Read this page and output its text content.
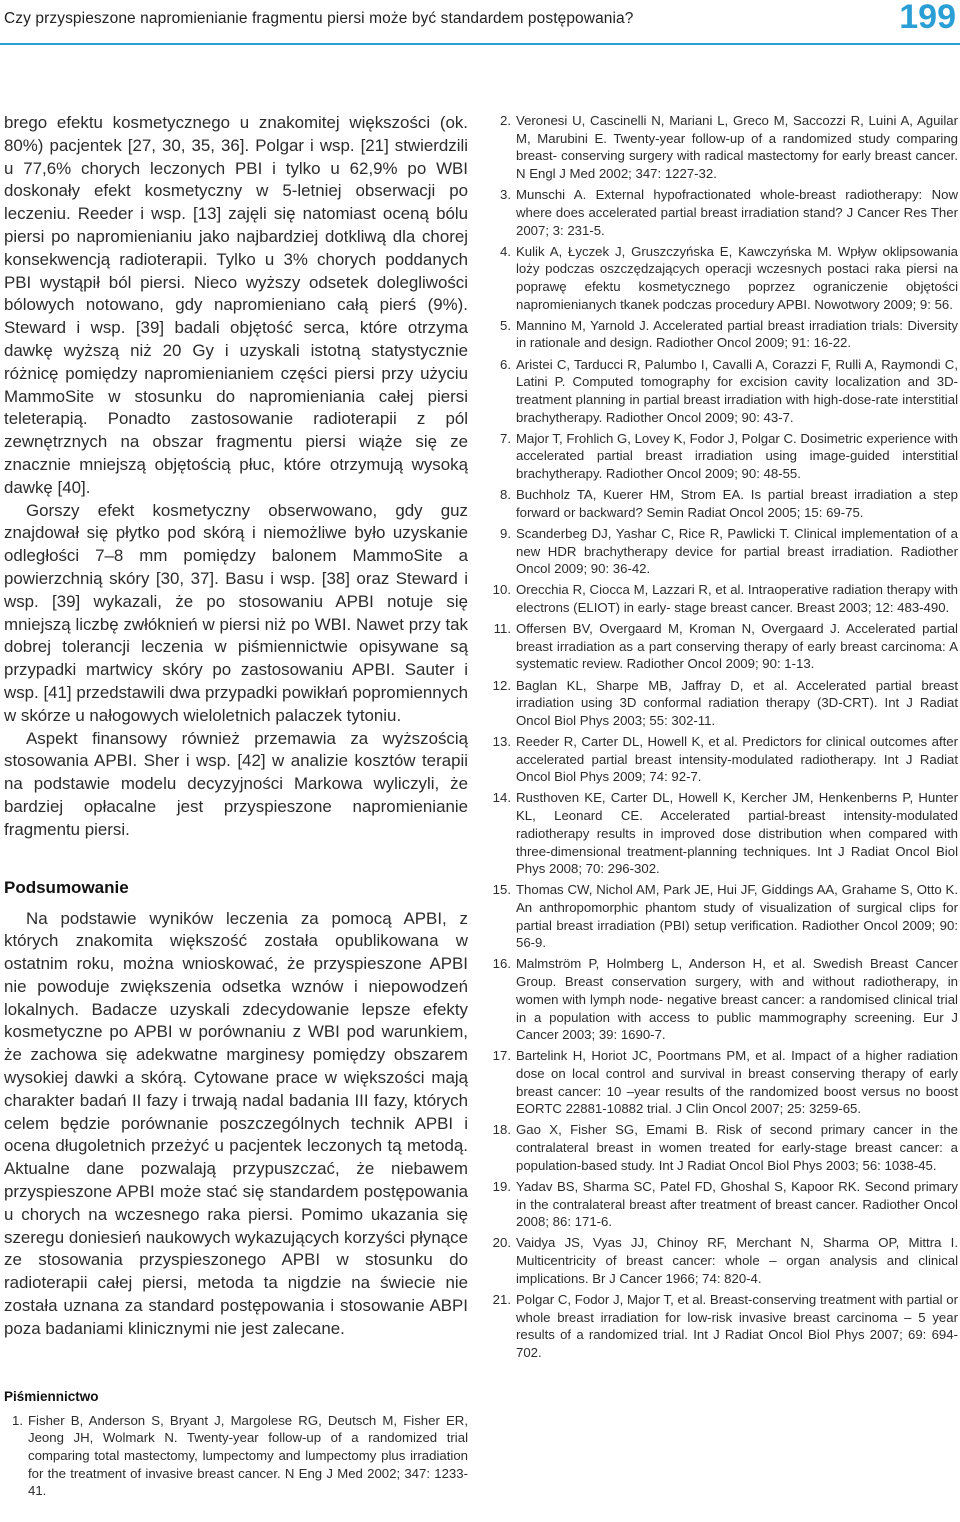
Czy przyspieszone napromienianie fragmentu piersi może być standardem postępowania?	199

brego efektu kosmetycznego u znakomitej większości (ok. 80%) pacjentek [27, 30, 35, 36]. Polgar i wsp. [21] stwierdzili u 77,6% chorych leczonych PBI i tylko u 62,9% po WBI doskonały efekt kosmetyczny w 5-letniej obserwacji po leczeniu. Reeder i wsp. [13] zajęli się natomiast oceną bólu piersi po napromienianiu jako najbardziej dotkliwą dla chorej konsekwencją radioterapii. Tylko u 3% chorych poddanych PBI wystąpił ból piersi. Nieco wyższy odsetek dolegliwości bólowych notowano, gdy napromieniano całą pierś (9%). Steward i wsp. [39] badali objętość serca, które otrzyma dawkę wyższą niż 20 Gy i uzyskali istotną statystycznie różnicę pomiędzy napromienianiem części piersi przy użyciu MammoSite w stosunku do napromieniania całej piersi teleterapią. Ponadto zastosowanie radioterapii z pól zewnętrznych na obszar fragmentu piersi wiąże się ze znacznie mniejszą objętością płuc, które otrzymują wysoką dawkę [40].

Gorszy efekt kosmetyczny obserwowano, gdy guz znajdował się płytko pod skórą i niemożliwe było uzyskanie odległości 7–8 mm pomiędzy balonem MammoSite a powierzchnią skóry [30, 37]. Basu i wsp. [38] oraz Steward i wsp. [39] wykazali, że po stosowaniu APBI notuje się mniejszą liczbę zwłóknień w piersi niż po WBI. Nawet przy tak dobrej tolerancji leczenia w piśmiennictwie opisywane są przypadki martwicy skóry po zastosowaniu APBI. Sauter i wsp. [41] przedstawili dwa przypadki powikłań popromiennych w skórze u nałogowych wieloletnich palaczek tytoniu.

Aspekt finansowy również przemawia za wyższością stosowania APBI. Sher i wsp. [42] w analizie kosztów terapii na podstawie modelu decyzyjności Markowa wyliczyli, że bardziej opłacalne jest przyspieszone napromienianie fragmentu piersi.

Podsumowanie

Na podstawie wyników leczenia za pomocą APBI, z których znakomita większość została opublikowana w ostatnim roku, można wnioskować, że przyspieszone APBI nie powoduje zwiększenia odsetka wznów i niepowodzeń lokalnych. Badacze uzyskali zdecydowanie lepsze efekty kosmetyczne po APBI w porównaniu z WBI pod warunkiem, że zachowa się adekwatne marginesy pomiędzy obszarem wysokiej dawki a skórą. Cytowane prace w większości mają charakter badań II fazy i trwają nadal badania III fazy, których celem będzie porównanie poszczególnych technik APBI i ocena długoletnich przeżyć u pacjentek leczonych tą metodą. Aktualne dane pozwalają przypuszczać, że niebawem przyspieszone APBI może stać się standardem postępowania u chorych na wczesnego raka piersi. Pomimo ukazania się szeregu doniesień naukowych wykazujących korzyści płynące ze stosowania przyspieszonego APBI w stosunku do radioterapii całej piersi, metoda ta nigdzie na świecie nie została uznana za standard postępowania i stosowanie ABPI poza badaniami klinicznymi nie jest zalecane.

Piśmiennictwo
1. Fisher B, Anderson S, Bryant J, Margolese RG, Deutsch M, Fisher ER, Jeong JH, Wolmark N. Twenty-year follow-up of a randomized trial comparing total mastectomy, lumpectomy and lumpectomy plus irradiation for the treatment of invasive breast cancer. N Eng J Med 2002; 347: 1233-41.
2. Veronesi U, Cascinelli N, Mariani L, Greco M, Saccozzi R, Luini A, Aguilar M, Marubini E. Twenty-year follow-up of a randomized study comparing breast- conserving surgery with radical mastectomy for early breast cancer. N Engl J Med 2002; 347: 1227-32.
3. Munschi A. External hypofractionated whole-breast radiotherapy: Now where does accelerated partial breast irradiation stand? J Cancer Res Ther 2007; 3: 231-5.
4. Kulik A, Łyczek J, Gruszczyńska E, Kawczyńska M. Wpływ oklipsowania loży podczas oszczędzających operacji wczesnych postaci raka piersi na poprawę efektu kosmetycznego poprzez ograniczenie objętości napromienianych tkanek podczas procedury APBI. Nowotwory 2009; 9: 56.
5. Mannino M, Yarnold J. Accelerated partial breast irradiation trials: Diversity in rationale and design. Radiother Oncol 2009; 91: 16-22.
6. Aristei C, Tarducci R, Palumbo I, Cavalli A, Corazzi F, Rulli A, Raymondi C, Latini P. Computed tomography for excision cavity localization and 3D-treatment planning in partial breast irradiation with high-dose-rate interstitial brachytherapy. Radiother Oncol 2009; 90: 43-7.
7. Major T, Frohlich G, Lovey K, Fodor J, Polgar C. Dosimetric experience with accelerated partial breast irradiation using image-guided interstitial brachytherapy. Radiother Oncol 2009; 90: 48-55.
8. Buchholz TA, Kuerer HM, Strom EA. Is partial breast irradiation a step forward or backward? Semin Radiat Oncol 2005; 15: 69-75.
9. Scanderbeg DJ, Yashar C, Rice R, Pawlicki T. Clinical implementation of a new HDR brachytherapy device for partial breast irradiation. Radiother Oncol 2009; 90: 36-42.
10. Orecchia R, Ciocca M, Lazzari R, et al. Intraoperative radiation therapy with electrons (ELIOT) in early- stage breast cancer. Breast 2003; 12: 483-490.
11. Offersen BV, Overgaard M, Kroman N, Overgaard J. Accelerated partial breast irradiation as a part conserving therapy of early breast carcinoma: A systematic review. Radiother Oncol 2009; 90: 1-13.
12. Baglan KL, Sharpe MB, Jaffray D, et al. Accelerated partial breast irradiation using 3D conformal radiation therapy (3D-CRT). Int J Radiat Oncol Biol Phys 2003; 55: 302-11.
13. Reeder R, Carter DL, Howell K, et al. Predictors for clinical outcomes after accelerated partial breast intensity-modulated radiotherapy. Int J Radiat Oncol Biol Phys 2009; 74: 92-7.
14. Rusthoven KE, Carter DL, Howell K, Kercher JM, Henkenberns P, Hunter KL, Leonard CE. Accelerated partial-breast intensity-modulated radiotherapy results in improved dose distribution when compared with three-dimensional treatment-planning techniques. Int J Radiat Oncol Biol Phys 2008; 70: 296-302.
15. Thomas CW, Nichol AM, Park JE, Hui JF, Giddings AA, Grahame S, Otto K. An anthropomorphic phantom study of visualization of surgical clips for partial breast irradiation (PBI) setup verification. Radiother Oncol 2009; 90: 56-9.
16. Malmström P, Holmberg L, Anderson H, et al. Swedish Breast Cancer Group. Breast conservation surgery, with and without radiotherapy, in women with lymph node- negative breast cancer: a randomised clinical trial in a population with access to public mammography screening. Eur J Cancer 2003; 39: 1690-7.
17. Bartelink H, Horiot JC, Poortmans PM, et al. Impact of a higher radiation dose on local control and survival in breast conserving therapy of early breast cancer: 10 –year results of the randomized boost versus no boost EORTC 22881-10882 trial. J Clin Oncol 2007; 25: 3259-65.
18. Gao X, Fisher SG, Emami B. Risk of second primary cancer in the contralateral breast in women treated for early-stage breast cancer: a population-based study. Int J Radiat Oncol Biol Phys 2003; 56: 1038-45.
19. Yadav BS, Sharma SC, Patel FD, Ghoshal S, Kapoor RK. Second primary in the contralateral breast after treatment of breast cancer. Radiother Oncol 2008; 86: 171-6.
20. Vaidya JS, Vyas JJ, Chinoy RF, Merchant N, Sharma OP, Mittra I. Multicentricity of breast cancer: whole – organ analysis and clinical implications. Br J Cancer 1966; 74: 820-4.
21. Polgar C, Fodor J, Major T, et al. Breast-conserving treatment with partial or whole breast irradiation for low-risk invasive breast carcinoma – 5 year results of a randomized trial. Int J Radiat Oncol Biol Phys 2007; 69: 694-702.
